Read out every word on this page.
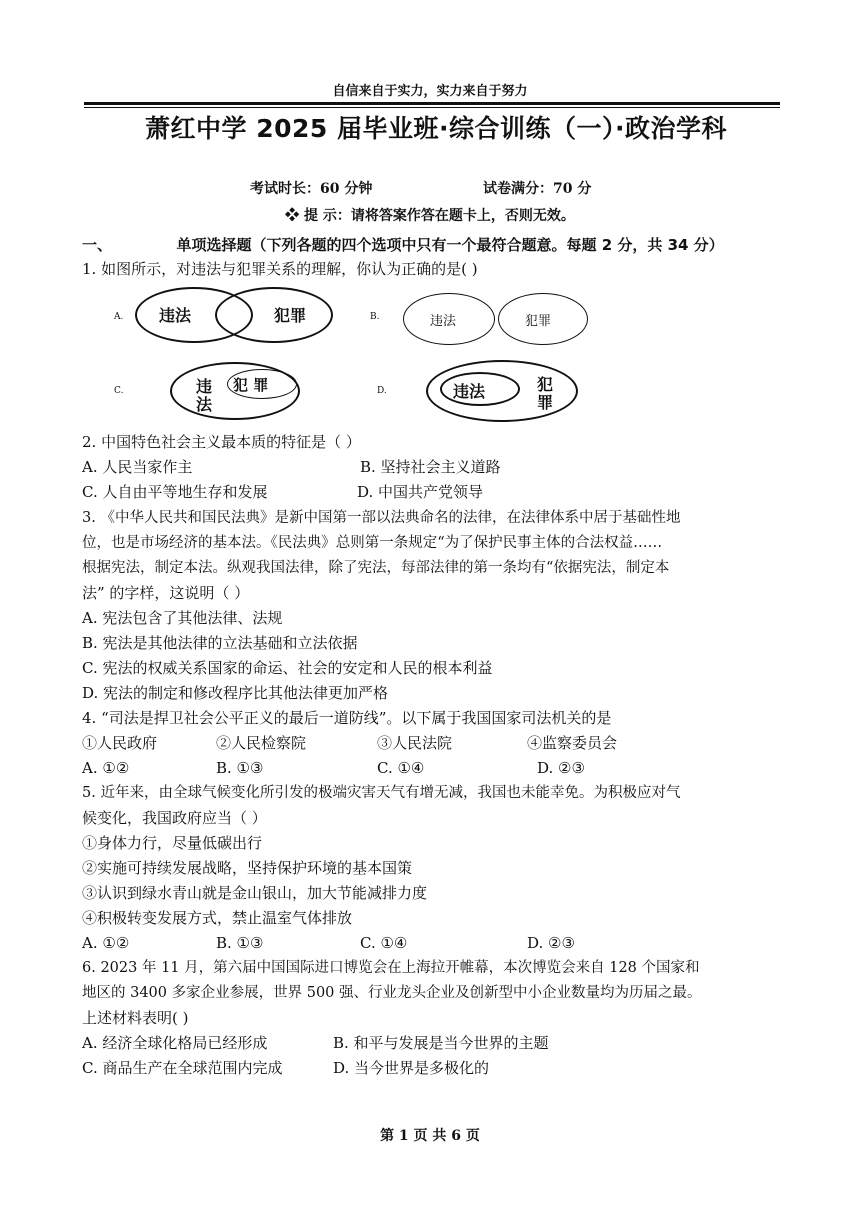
自信来自于实力，实力来自于努力
萧红中学 2025 届毕业班·综合训练（一）·政治学科
考试时长：60 分钟	试卷满分：70 分
❖ 提 示：请将答案作答在题卡上，否则无效。
一、	单项选择题（下列各题的四个选项中只有一个最符合题意。每题 2 分，共 34 分）
1. 如图所示，对违法与犯罪关系的理解，你认为正确的是( )
A. 违法	犯罪	B.	违法	犯罪
C.	违
法
犯 罪	D.	违法	犯
罪
2. 中国特色社会主义最本质的特征是（ ）
A. 人民当家作主	B. 坚持社会主义道路
C. 人自由平等地生存和发展	D. 中国共产党领导
3. 《中华人民共和国民法典》是新中国第一部以法典命名的法律，在法律体系中居于基础性地
位，也是市场经济的基本法。《民法典》总则第一条规定“为了保护民事主体的合法权益……
根据宪法，制定本法。纵观我国法律，除了宪法，每部法律的第一条均有“依据宪法，制定本
法” 的字样，这说明（ ）
A. 宪法包含了其他法律、法规
B. 宪法是其他法律的立法基础和立法依据
C. 宪法的权威关系国家的命运、社会的安定和人民的根本利益
D. 宪法的制定和修改程序比其他法律更加严格
4. “司法是捍卫社会公平正义的最后一道防线”。以下属于我国国家司法机关的是
①人民政府	②人民检察院	③人民法院	④监察委员会
A. ①②	B. ①③	C. ①④	D. ②③
5. 近年来，由全球气候变化所引发的极端灾害天气有增无减，我国也未能幸免。为积极应对气
候变化，我国政府应当（ ）
①身体力行，尽量低碳出行
②实施可持续发展战略，坚持保护环境的基本国策
③认识到绿水青山就是金山银山，加大节能减排力度
④积极转变发展方式，禁止温室气体排放
A. ①②	B. ①③	C. ①④	D. ②③
6. 2023 年 11 月，第六届中国国际进口博览会在上海拉开帷幕，本次博览会来自 128 个国家和
地区的 3400 多家企业参展，世界 500 强、行业龙头企业及创新型中小企业数量均为历届之最。
上述材料表明( )
A. 经济全球化格局已经形成	B. 和平与发展是当今世界的主题
C. 商品生产在全球范围内完成	D. 当今世界是多极化的
第 1 页 共 6 页
